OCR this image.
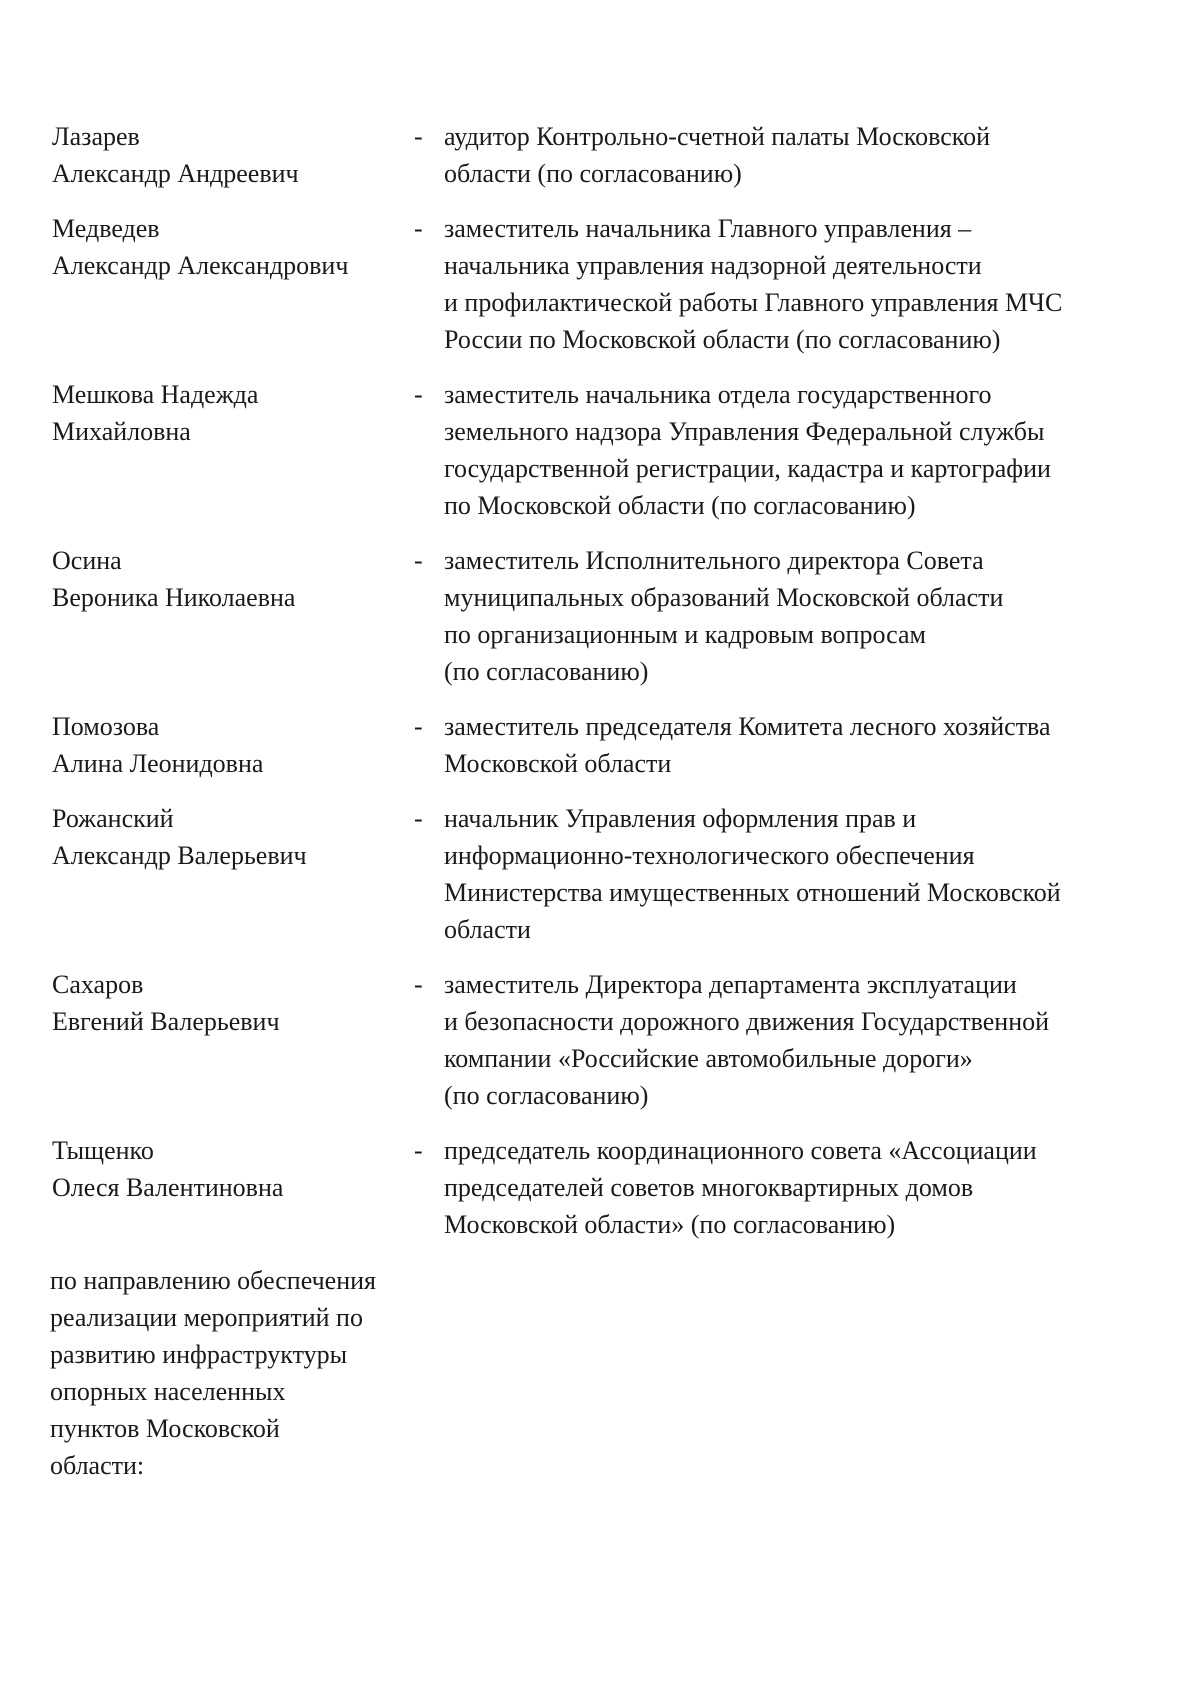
Лазарев
Александр Андреевич
- аудитор Контрольно-счетной палаты Московской
области (по согласованию)
Медведев
Александр Александрович
- заместитель начальника Главного управления –
начальника управления надзорной деятельности
и профилактической работы Главного управления МЧС
России по Московской области (по согласованию)
Мешкова Надежда
Михайловна
- заместитель начальника отдела государственного
земельного надзора Управления Федеральной службы
государственной регистрации, кадастра и картографии
по Московской области (по согласованию)
Осина
Вероника Николаевна
- заместитель Исполнительного директора Совета
муниципальных образований Московской области
по организационным и кадровым вопросам
(по согласованию)
Помозова
Алина Леонидовна
- заместитель председателя Комитета лесного хозяйства
Московской области
Рожанский
Александр Валерьевич
- начальник Управления оформления прав и
информационно-технологического обеспечения
Министерства имущественных отношений Московской
области
Сахаров
Евгений Валерьевич
- заместитель Директора департамента эксплуатации
и безопасности дорожного движения Государственной
компании «Российские автомобильные дороги»
(по согласованию)
Тыщенко
Олеся Валентиновна
- председатель координационного совета «Ассоциации
председателей советов многоквартирных домов
Московской области» (по согласованию)
по направлению обеспечения
реализации мероприятий по
развитию инфраструктуры
опорных населенных
пунктов Московской
области:
